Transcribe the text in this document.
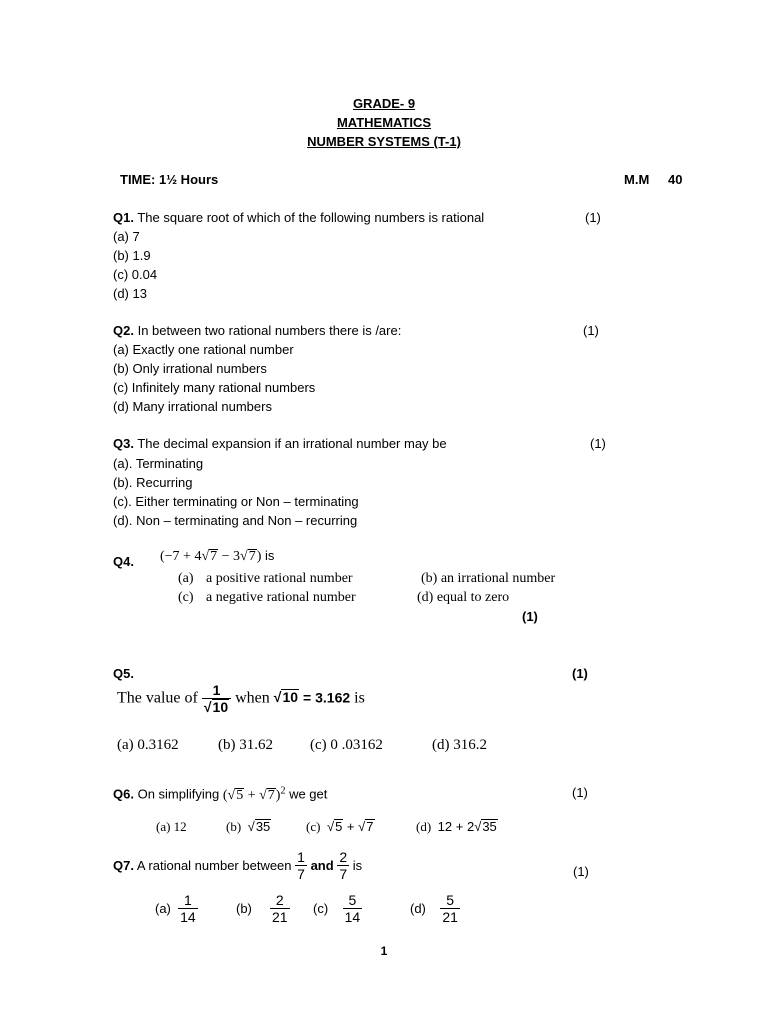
GRADE- 9
MATHEMATICS
NUMBER SYSTEMS (T-1)
TIME: 1½ Hours	M.M 40
Q1. The square root of which of the following numbers is rational	(1)
(a) 7
(b) 1.9
(c) 0.04
(d) 13
Q2. In between two rational numbers there is /are:	(1)
(a) Exactly one rational number
(b) Only irrational numbers
(c) Infinitely many rational numbers
(d) Many irrational numbers
Q3. The decimal expansion if an irrational number may be	(1)
(a). Terminating
(b). Recurring
(c). Either terminating or Non – terminating
(d). Non – terminating and Non – recurring
Q4. (−7 + 4√7 − 3√7) is
(a) a positive rational number	(b) an irrational number
(c) a negative rational number	(d) equal to zero
(1)
Q5.	(1)
The value of $\frac{1}{√10}$ when √10 = 3.162 is
(a) 0.3162	(b) 31.62 (c) 0 .03162	(d) 316.2
Q6. On simplifying $(√5 + √7)^2$ we get	(1)
(a) 12	(b) √35	(c) √5 + √7	(d) 12 + 2√35
Q7. A rational number between $\frac{1}{7}$ and $\frac{2}{7}$ is	(1)
$(a) \frac{1}{14}$	$(b) \frac{2}{21} (c) \frac{5}{14}$	$(d) \frac{5}{21}$
1
